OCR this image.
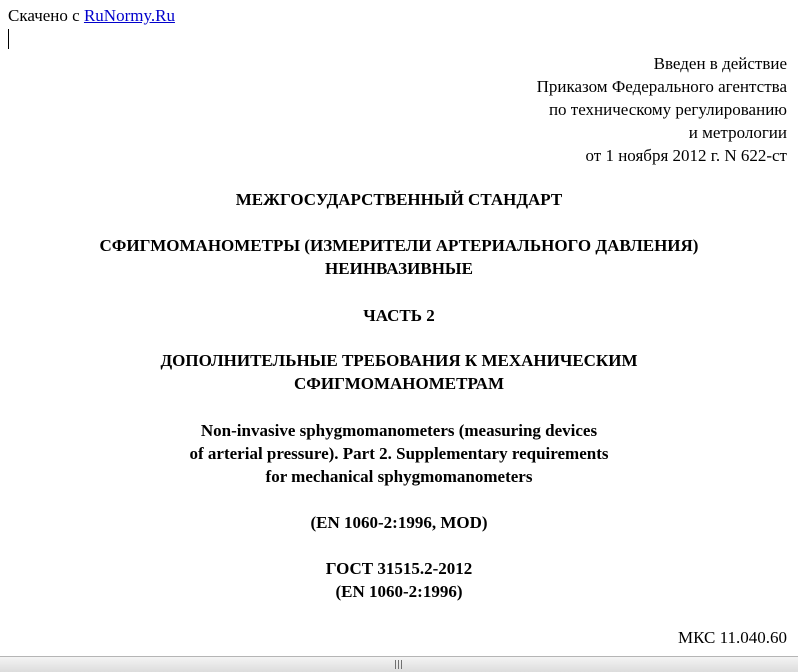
Скачено с RuNormy.Ru
Введен в действие
Приказом Федерального агентства
по техническому регулированию
и метрологии
от 1 ноября 2012 г. N 622-ст
МЕЖГОСУДАРСТВЕННЫЙ СТАНДАРТ
СФИГМОМАНОМЕТРЫ (ИЗМЕРИТЕЛИ АРТЕРИАЛЬНОГО ДАВЛЕНИЯ)
НЕИНВАЗИВНЫЕ
ЧАСТЬ 2
ДОПОЛНИТЕЛЬНЫЕ ТРЕБОВАНИЯ К МЕХАНИЧЕСКИМ
СФИГМОМАНОМЕТРАМ
Non-invasive sphygmomanometers (measuring devices
of arterial pressure). Part 2. Supplementary requirements
for mechanical sphygmomanometers
(EN 1060-2:1996, MOD)
ГОСТ 31515.2-2012
(EN 1060-2:1996)
МКС 11.040.60
